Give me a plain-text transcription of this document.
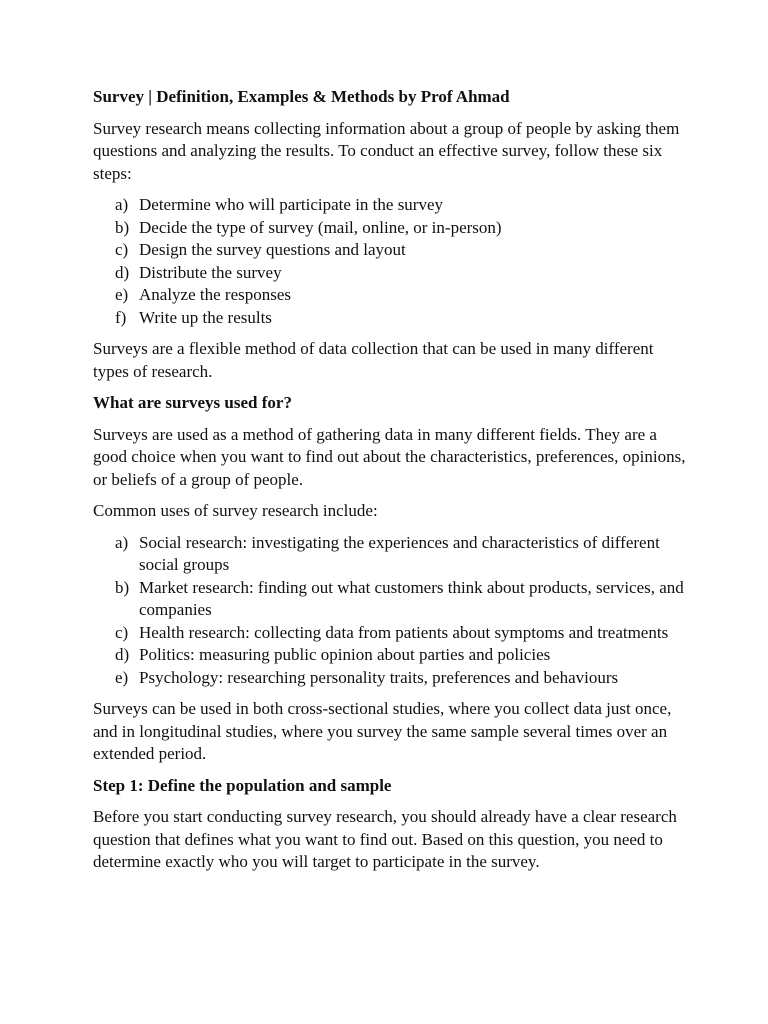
Survey | Definition, Examples & Methods by Prof Ahmad

Survey research means collecting information about a group of people by asking them questions and analyzing the results. To conduct an effective survey, follow these six steps:

a) Determine who will participate in the survey
b) Decide the type of survey (mail, online, or in-person)
c) Design the survey questions and layout
d) Distribute the survey
e) Analyze the responses
f) Write up the results

Surveys are a flexible method of data collection that can be used in many different types of research.

What are surveys used for?

Surveys are used as a method of gathering data in many different fields. They are a good choice when you want to find out about the characteristics, preferences, opinions, or beliefs of a group of people.

Common uses of survey research include:

a) Social research: investigating the experiences and characteristics of different social groups
b) Market research: finding out what customers think about products, services, and companies
c) Health research: collecting data from patients about symptoms and treatments
d) Politics: measuring public opinion about parties and policies
e) Psychology: researching personality traits, preferences and behaviours

Surveys can be used in both cross-sectional studies, where you collect data just once, and in longitudinal studies, where you survey the same sample several times over an extended period.

Step 1: Define the population and sample

Before you start conducting survey research, you should already have a clear research question that defines what you want to find out. Based on this question, you need to determine exactly who you will target to participate in the survey.
